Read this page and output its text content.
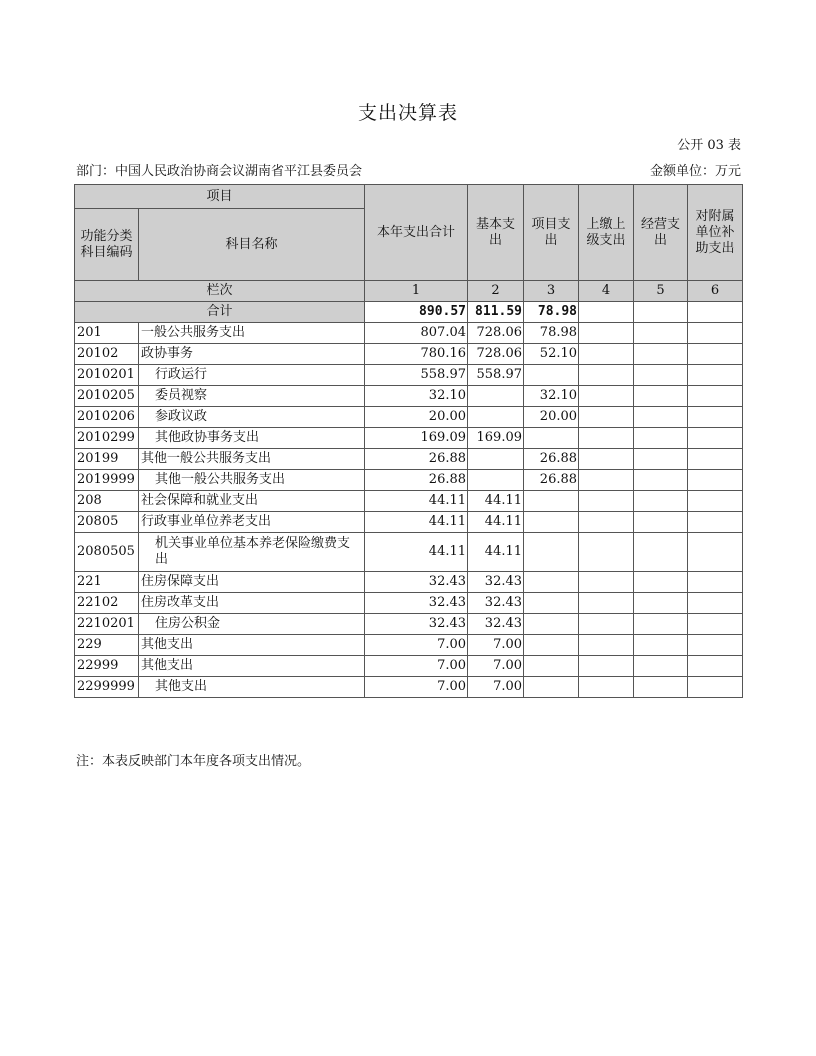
支出决算表
公开 03 表
部门：中国人民政治协商会议湖南省平江县委员会	金额单位：万元
项目		本年支出合计	基本支出	项目支出	上缴上级支出	经营支出	对附属单位补助支出
功能分类科目编码	科目名称						
栏次		1	2	3	4	5	6
合计		890.57	811.59	78.98			
201	一般公共服务支出	807.04	728.06	78.98			
20102	政协事务	780.16	728.06	52.10			
2010201	行政运行	558.97	558.97				
2010205	委员视察	32.10		32.10			
2010206	参政议政	20.00		20.00			
2010299	其他政协事务支出	169.09	169.09				
20199	其他一般公共服务支出	26.88		26.88			
2019999	其他一般公共服务支出	26.88		26.88			
208	社会保障和就业支出	44.11	44.11				
20805	行政事业单位养老支出	44.11	44.11				
2080505	机关事业单位基本养老保险缴费支出	44.11	44.11				
221	住房保障支出	32.43	32.43				
22102	住房改革支出	32.43	32.43				
2210201	住房公积金	32.43	32.43				
229	其他支出	7.00	7.00				
22999	其他支出	7.00	7.00				
2299999	其他支出	7.00	7.00				
注：本表反映部门本年度各项支出情况。
